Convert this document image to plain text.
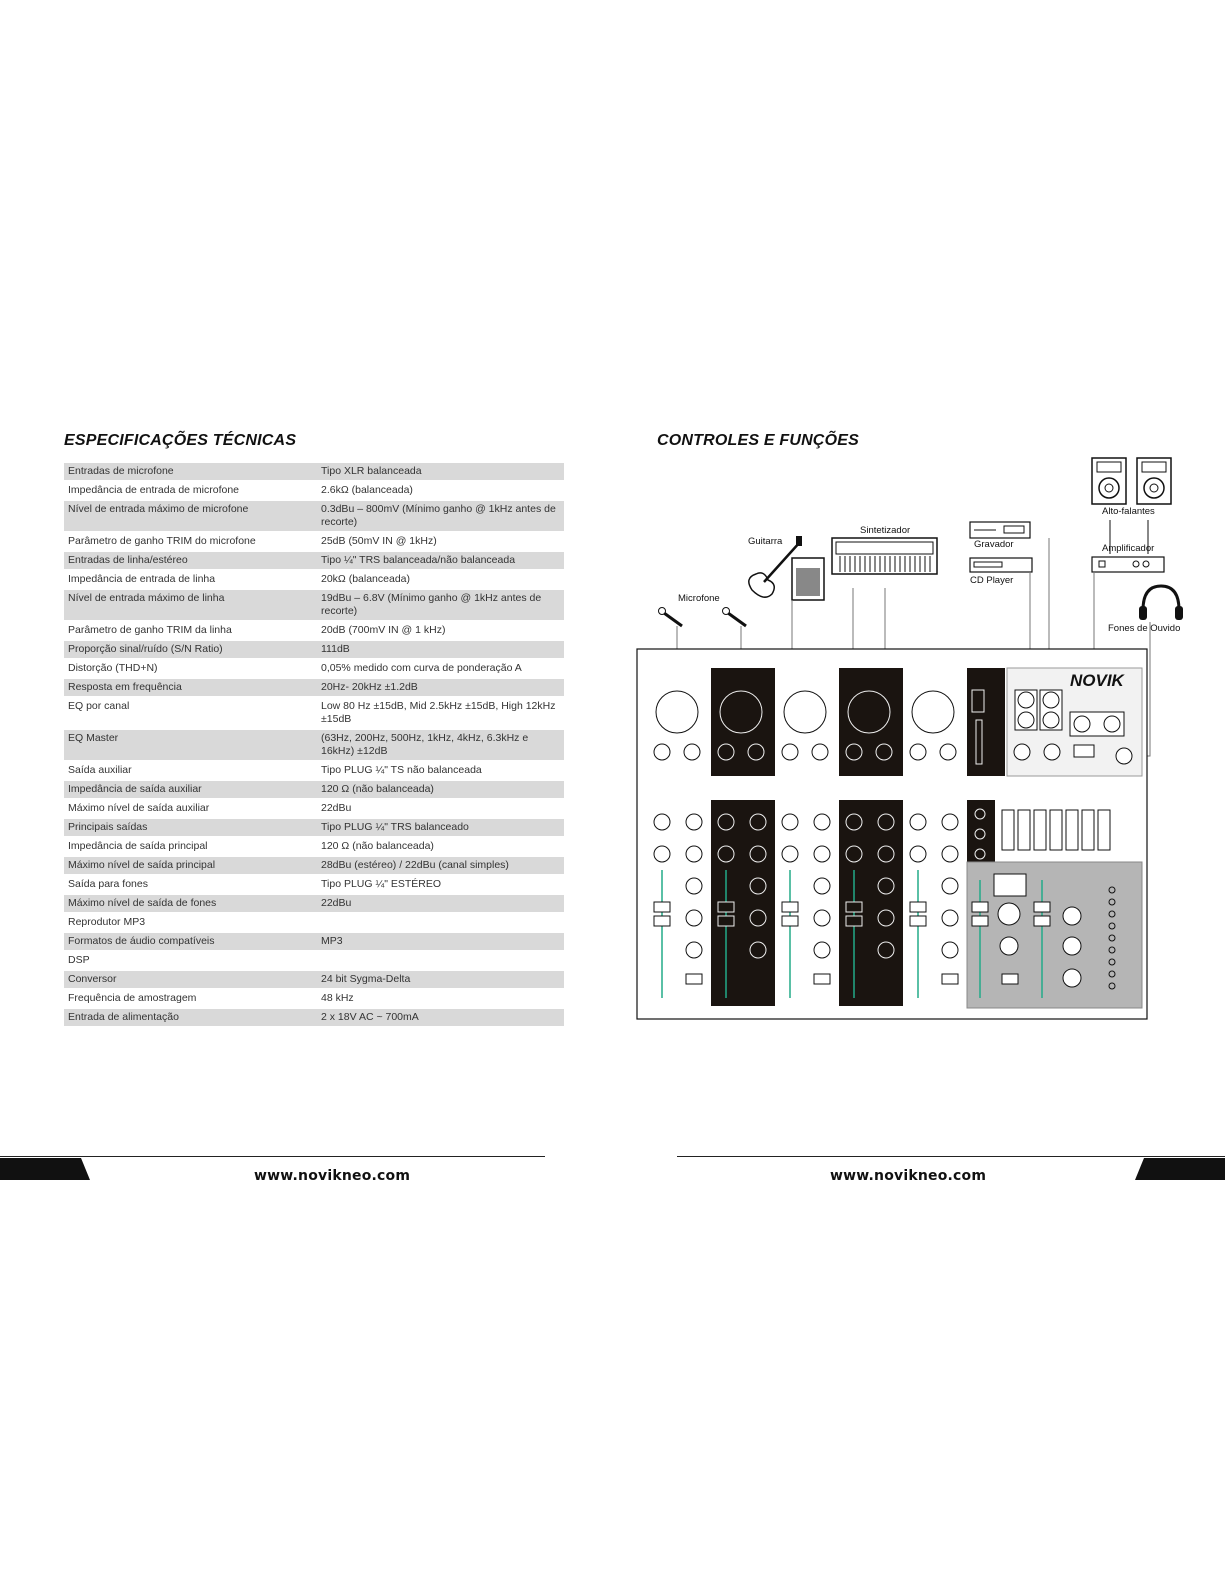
ESPECIFICAÇÕES TÉCNICAS
Entradas de microfone	Tipo XLR balanceada
Impedância de entrada de microfone	2.6kΩ (balanceada)
Nível de entrada máximo de microfone	0.3dBu – 800mV (Mínimo ganho @ 1kHz antes de recorte)
Parâmetro de ganho TRIM do microfone	25dB (50mV IN @ 1kHz)
Entradas de linha/estéreo	Tipo ¼" TRS balanceada/não balanceada
Impedância de entrada de linha	20kΩ (balanceada)
Nível de entrada máximo de linha	19dBu – 6.8V (Mínimo ganho @ 1kHz antes de recorte)
Parâmetro de ganho TRIM da linha	20dB (700mV IN @ 1 kHz)
Proporção sinal/ruído (S/N Ratio)	111dB
Distorção (THD+N)	0,05% medido com curva de ponderação A
Resposta em frequência	20Hz- 20kHz ±1.2dB
EQ por canal	Low 80 Hz ±15dB, Mid 2.5kHz ±15dB, High 12kHz ±15dB
EQ Master	(63Hz, 200Hz, 500Hz, 1kHz, 4kHz, 6.3kHz e 16kHz) ±12dB
Saída auxiliar	Tipo PLUG ¼" TS não balanceada
Impedância de saída auxiliar	120 Ω (não balanceada)
Máximo nível de saída auxiliar	22dBu
Principais saídas	Tipo PLUG ¼" TRS balanceado
Impedância de saída principal	120 Ω (não balanceada)
Máximo nível de saída principal	28dBu (estéreo) / 22dBu (canal simples)
Saída para fones	Tipo PLUG ¼" ESTÉREO
Máximo nível de saída de fones	22dBu
Reprodutor MP3	
Formatos de áudio compatíveis	MP3
DSP	
Conversor	24 bit Sygma-Delta
Frequência de amostragem	48 kHz
Entrada de alimentação	2 x 18V AC ~ 700mA
CONTROLES E FUNÇÕES
Alto-falantes
Amplificador
Fones de Ouvido
Gravador
CD Player
Sintetizador
Guitarra
Microfone
NOVIK
www.novikneo.com	www.novikneo.com
